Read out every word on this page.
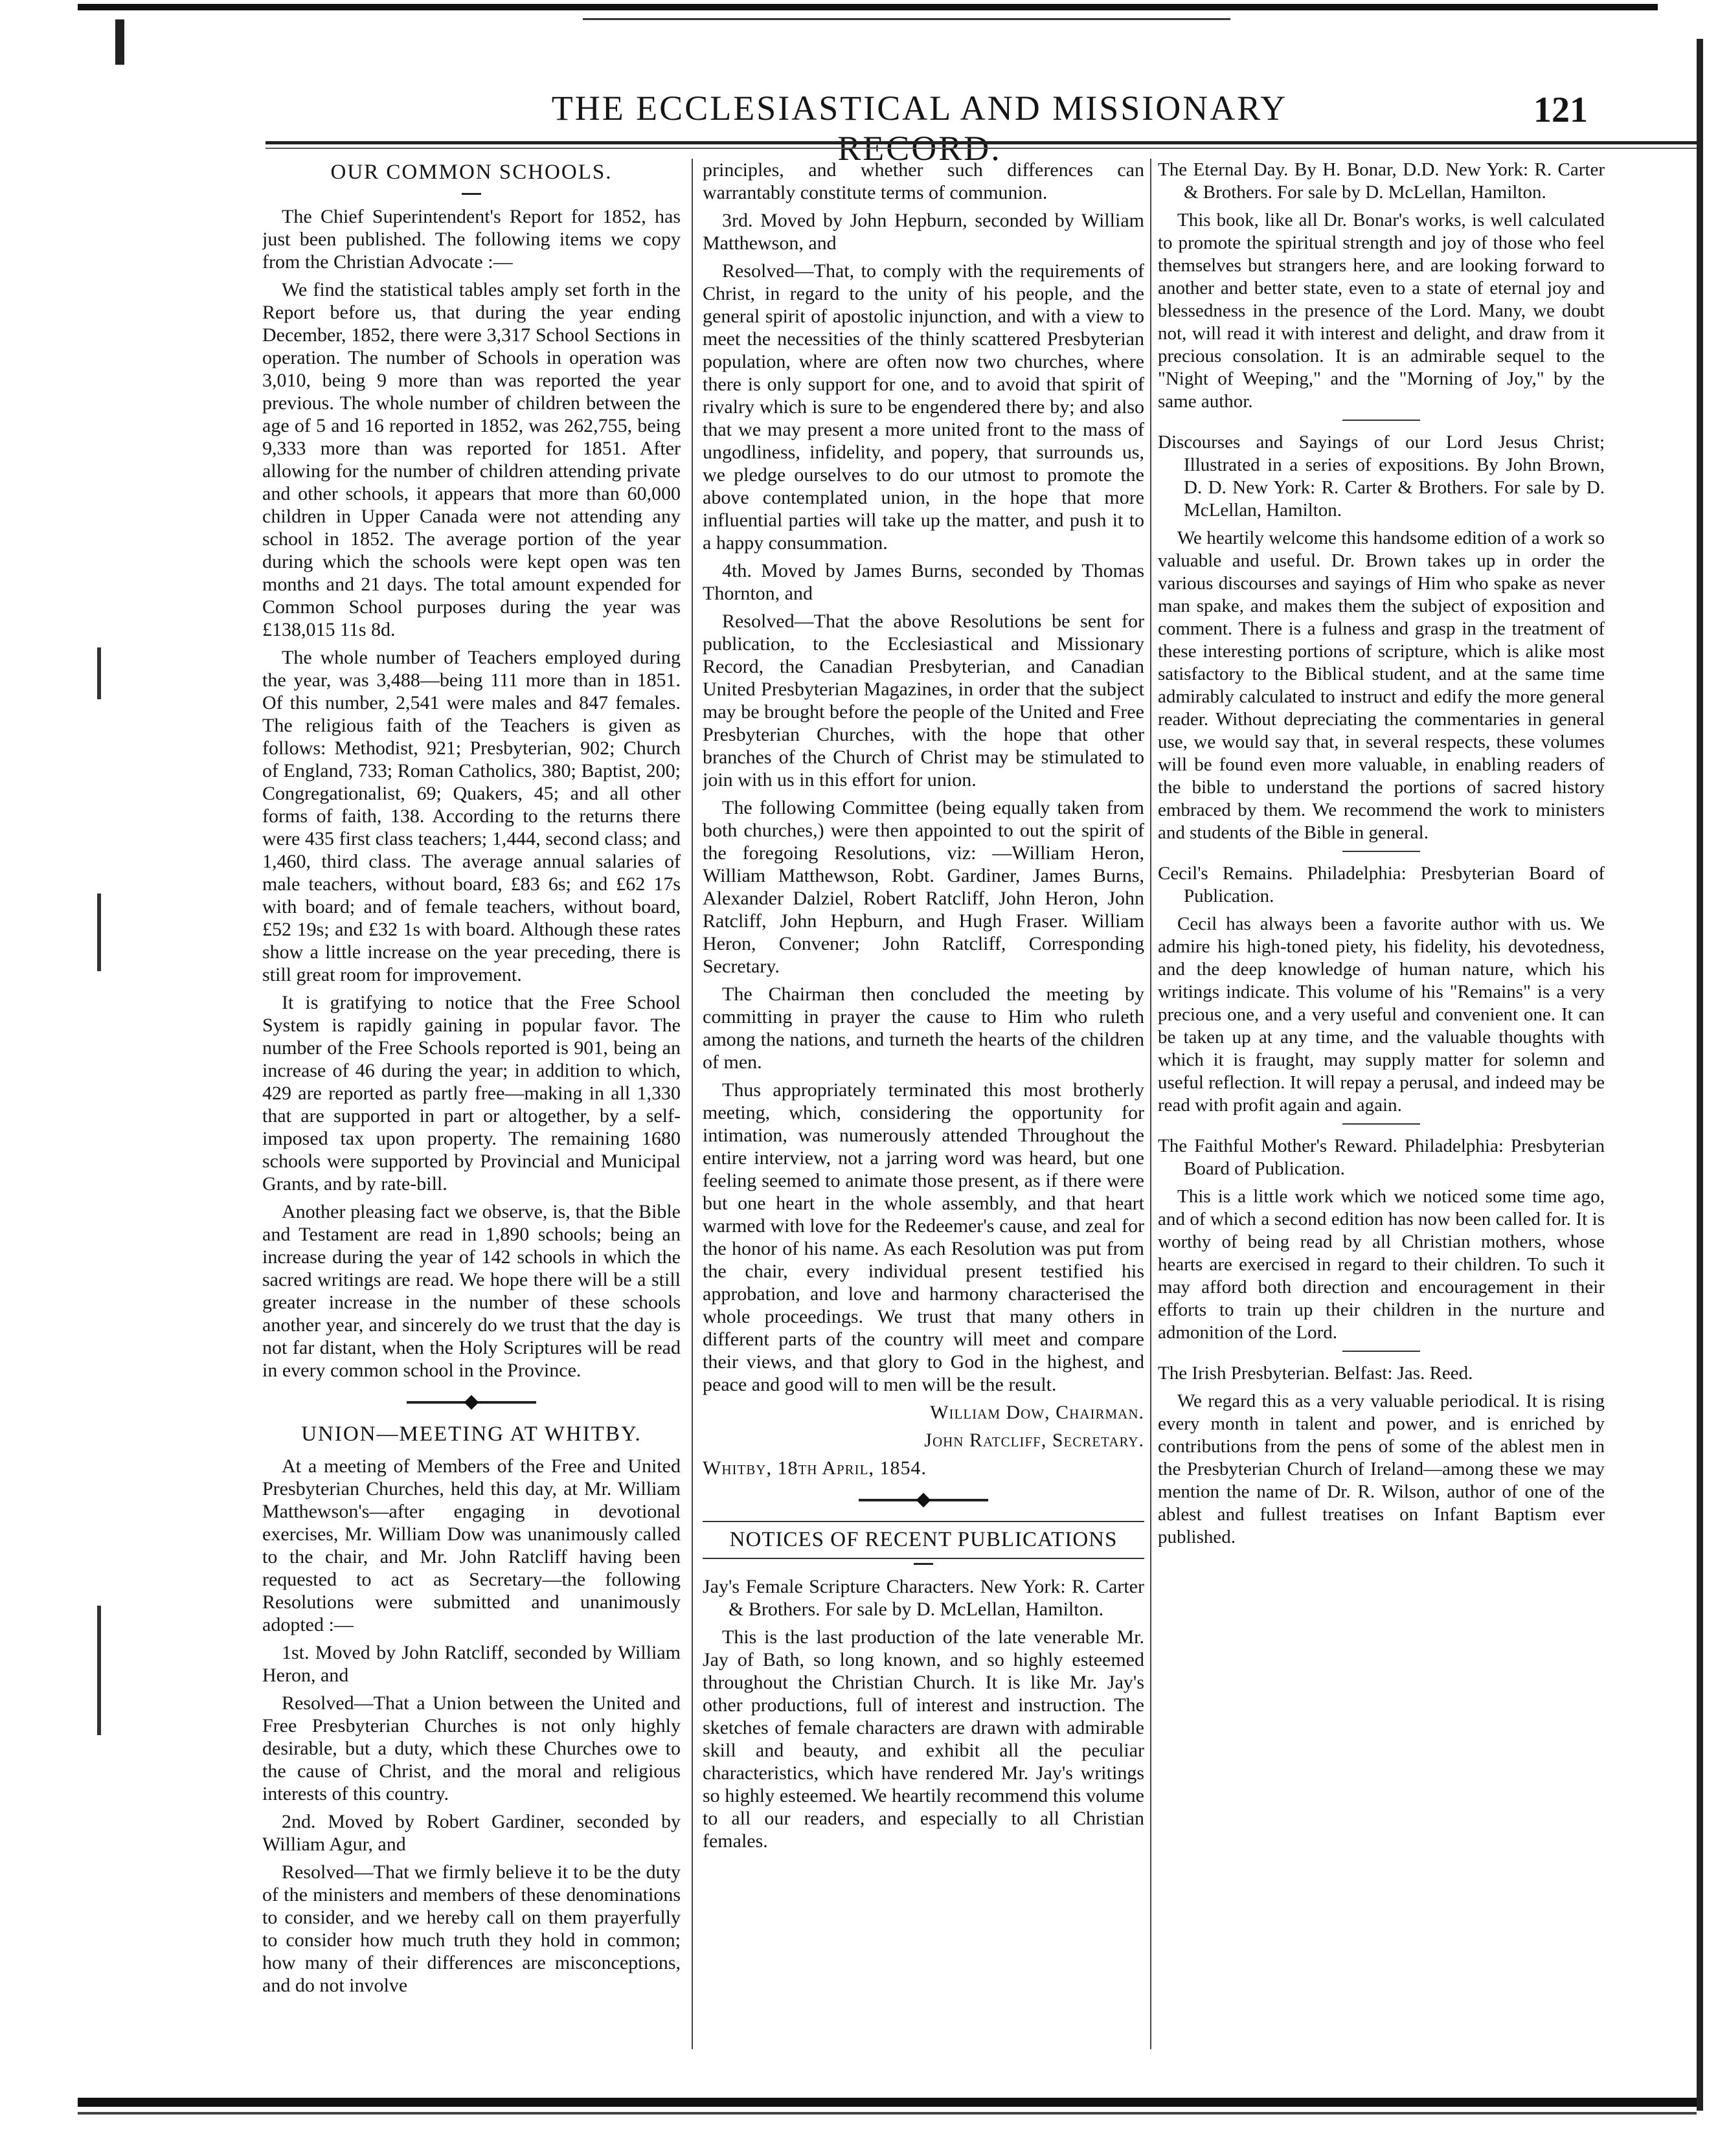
THE ECCLESIASTICAL AND MISSIONARY	121
OUR COMMON SCHOOLS.

The Chief Superintendent's Report for 1852, has just been published. The following items we copy from the Christian Advocate :—

We find the statistical tables amply set forth in the Report before us, that during the year ending December, 1852, there were 3,317 School Sections in operation. The number of Schools in operation was 3,010, being 9 more than was reported the year previous. The whole number of children between the age of 5 and 16 reported in 1852, was 262,755, being 9,333 more than was reported for 1851. After allowing for the number of children attending private and other schools, it appears that more than 60,000 children in Upper Canada were not attending any school in 1852. The average portion of the year during which the schools were kept open was ten months and 21 days. The total amount expended for Common School purposes during the year was £138,015 11s 8d.

The whole number of Teachers employed during the year, was 3,488—being 111 more than in 1851. Of this number, 2,541 were males and 847 females. The religious faith of the Teachers is given as follows: Methodist, 921; Presbyterian, 902; Church of England, 733; Roman Catholics, 380; Baptist, 200; Congregationalist, 69; Quakers, 45; and all other forms of faith, 138. According to the returns there were 435 first class teachers; 1,444, second class; and 1,460, third class. The average annual salaries of male teachers, without board, £83 6s; and £62 17s with board; and of female teachers, without board, £52 19s; and £32 1s with board. Although these rates show a little increase on the year preceding, there is still great room for improvement.

It is gratifying to notice that the Free School System is rapidly gaining in popular favor. The number of the Free Schools reported is 901, being an increase of 46 during the year; in addition to which, 429 are reported as partly free—making in all 1,330 that are supported in part or altogether, by a self-imposed tax upon property. The remaining 1680 schools were supported by Provincial and Municipal Grants, and by rate-bill.

Another pleasing fact we observe, is, that the Bible and Testament are read in 1,890 schools; being an increase during the year of 142 schools in which the sacred writings are read. We hope there will be a still greater increase in the number of these schools another year, and sincerely do we trust that the day is not far distant, when the Holy Scriptures will be read in every common school in the Province.

UNION—MEETING AT WHITBY.

At a meeting of Members of the Free and United Presbyterian Churches, held this day, at Mr. William Matthewson's—after engaging in devotional exercises, Mr. William Dow was unanimously called to the chair, and Mr. John Ratcliff having been requested to act as Secretary—the following Resolutions were submitted and unanimously adopted :—

1st. Moved by John Ratcliff, seconded by William Heron, and

Resolved—That a Union between the United and Free Presbyterian Churches is not only highly desirable, but a duty, which these Churches owe to the cause of Christ, and the moral and religious interests of this country.

2nd. Moved by Robert Gardiner, seconded by William Agur, and

Resolved—That we firmly believe it to be the duty of the ministers and members of these denominations to consider, and we hereby call on them prayerfully to consider how much truth they hold in common; how many of their differences are misconceptions, and do not involve

principles, and whether such differences can warrantably constitute terms of communion.

3rd. Moved by John Hepburn, seconded by William Matthewson, and

Resolved—That, to comply with the requirements of Christ, in regard to the unity of his people, and the general spirit of apostolic injunction, and with a view to meet the necessities of the thinly scattered Presbyterian population, where are often now two churches, where there is only support for one, and to avoid that spirit of rivalry which is sure to be engendered there by; and also that we may present a more united front to the mass of ungodliness, infidelity, and popery, that surrounds us, we pledge ourselves to do our utmost to promote the above contemplated union, in the hope that more influential parties will take up the matter, and push it to a happy consummation.

4th. Moved by James Burns, seconded by Thomas Thornton, and

Resolved—That the above Resolutions be sent for publication, to the Ecclesiastical and Missionary Record, the Canadian Presbyterian, and Canadian United Presbyterian Magazines, in order that the subject may be brought before the people of the United and Free Presbyterian Churches, with the hope that other branches of the Church of Christ may be stimulated to join with us in this effort for union.

The following Committee (being equally taken from both churches,) were then appointed to out the spirit of the foregoing Resolutions, viz: —William Heron, William Matthewson, Robt. Gardiner, James Burns, Alexander Dalziel, Robert Ratcliff, John Heron, John Ratcliff, John Hepburn, and Hugh Fraser. William Heron, Convener; John Ratcliff, Corresponding Secretary.

The Chairman then concluded the meeting by committing in prayer the cause to Him who ruleth among the nations, and turneth the hearts of the children of men.

Thus appropriately terminated this most brotherly meeting, which, considering the opportunity for intimation, was numerously attended Throughout the entire interview, not a jarring word was heard, but one feeling seemed to animate those present, as if there were but one heart in the whole assembly, and that heart warmed with love for the Redeemer's cause, and zeal for the honor of his name. As each Resolution was put from the chair, every individual present testified his approbation, and love and harmony characterised the whole proceedings. We trust that many others in different parts of the country will meet and compare their views, and that glory to God in the highest, and peace and good will to men will be the result.

William Dow, Chairman.

John Ratcliff, Secretary.

Whitby, 18th April, 1854.

NOTICES OF RECENT PUBLICATIONS

Jay's Female Scripture Characters. New York: R. Carter & Brothers. For sale by D. McLellan, Hamilton.

This is the last production of the late venerable Mr. Jay of Bath, so long known, and so highly esteemed throughout the Christian Church. It is like Mr. Jay's other productions, full of interest and instruction. The sketches of female characters are drawn with admirable skill and beauty, and exhibit all the peculiar characteristics, which have rendered Mr. Jay's writings so highly esteemed. We heartily recommend this volume to all our readers, and especially to all Christian females.

The Eternal Day. By H. Bonar, D.D. New York: R. Carter & Brothers. For sale by D. McLellan, Hamilton.

This book, like all Dr. Bonar's works, is well calculated to promote the spiritual strength and joy of those who feel themselves but strangers here, and are looking forward to another and better state, even to a state of eternal joy and blessedness in the presence of the Lord. Many, we doubt not, will read it with interest and delight, and draw from it precious consolation. It is an admirable sequel to the "Night of Weeping," and the "Morning of Joy," by the same author.

Discourses and Sayings of our Lord Jesus Christ; Illustrated in a series of expositions. By John Brown, D. D. New York: R. Carter & Brothers. For sale by D. McLellan, Hamilton.

We heartily welcome this handsome edition of a work so valuable and useful. Dr. Brown takes up in order the various discourses and sayings of Him who spake as never man spake, and makes them the subject of exposition and comment. There is a fulness and grasp in the treatment of these interesting portions of scripture, which is alike most satisfactory to the Biblical student, and at the same time admirably calculated to instruct and edify the more general reader. Without depreciating the commentaries in general use, we would say that, in several respects, these volumes will be found even more valuable, in enabling readers of the bible to understand the portions of sacred history embraced by them. We recommend the work to ministers and students of the Bible in general.

Cecil's Remains. Philadelphia: Presbyterian Board of Publication.

Cecil has always been a favorite author with us. We admire his high-toned piety, his fidelity, his devotedness, and the deep knowledge of human nature, which his writings indicate. This volume of his "Remains" is a very precious one, and a very useful and convenient one. It can be taken up at any time, and the valuable thoughts with which it is fraught, may supply matter for solemn and useful reflection. It will repay a perusal, and indeed may be read with profit again and again.

The Faithful Mother's Reward. Philadelphia: Presbyterian Board of Publication.

This is a little work which we noticed some time ago, and of which a second edition has now been called for. It is worthy of being read by all Christian mothers, whose hearts are exercised in regard to their children. To such it may afford both direction and encouragement in their efforts to train up their children in the nurture and admonition of the Lord.

The Irish Presbyterian. Belfast: Jas. Reed.

We regard this as a very valuable periodical. It is rising every month in talent and power, and is enriched by contributions from the pens of some of the ablest men in the Presbyterian Church of Ireland—among these we may mention the name of Dr. R. Wilson, author of one of the ablest and fullest treatises on Infant Baptism ever published.
